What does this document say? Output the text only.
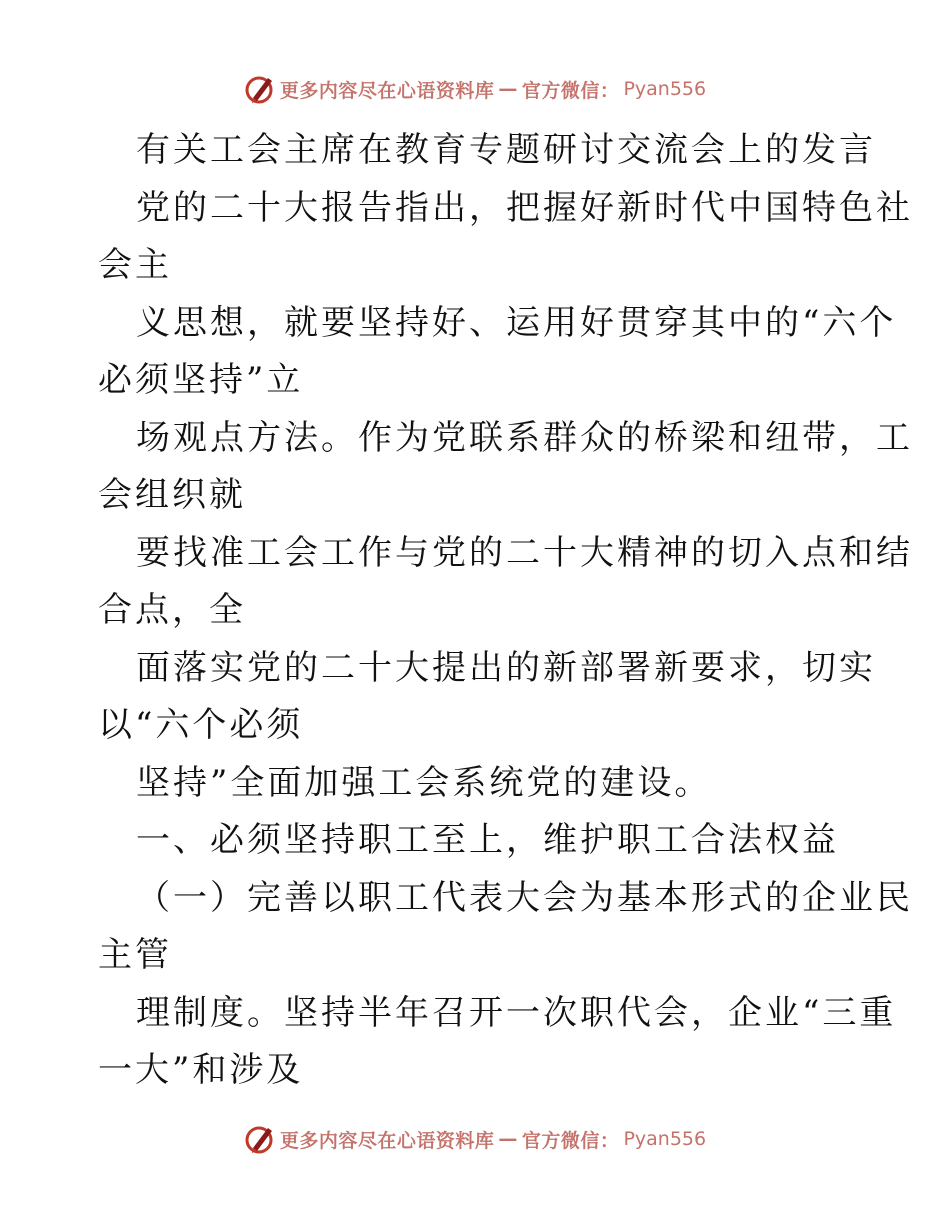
更多内容尽在心语资料库 — 官方微信： Pyan556
有关工会主席在教育专题研讨交流会上的发言
党的二十大报告指出，把握好新时代中国特色社
会主
义思想，就要坚持好、运用好贯穿其中的“六个
必须坚持”立
场观点方法。作为党联系群众的桥梁和纽带，工
会组织就
要找准工会工作与党的二十大精神的切入点和结
合点，全
面落实党的二十大提出的新部署新要求，切实
以“六个必须
坚持”全面加强工会系统党的建设。
一、必须坚持职工至上，维护职工合法权益
（一）完善以职工代表大会为基本形式的企业民
主管
理制度。坚持半年召开一次职代会，企业“三重
一大”和涉及
更多内容尽在心语资料库 — 官方微信： Pyan556
